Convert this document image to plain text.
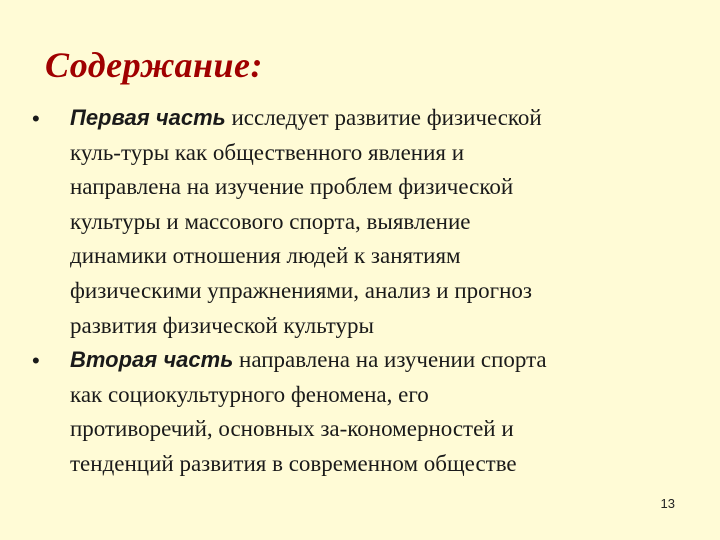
Содержание:
• Первая часть исследует развитие физической
куль-туры как общественного явления и
направлена на изучение проблем физической
культуры и массового спорта, выявление
динамики отношения людей к занятиям
физическими упражнениями, анализ и прогноз
развития физической культуры
• Вторая часть направлена на изучении спорта
как социокультурного феномена, его
противоречий, основных за-кономерностей и
тенденций развития в современном обществе
13
